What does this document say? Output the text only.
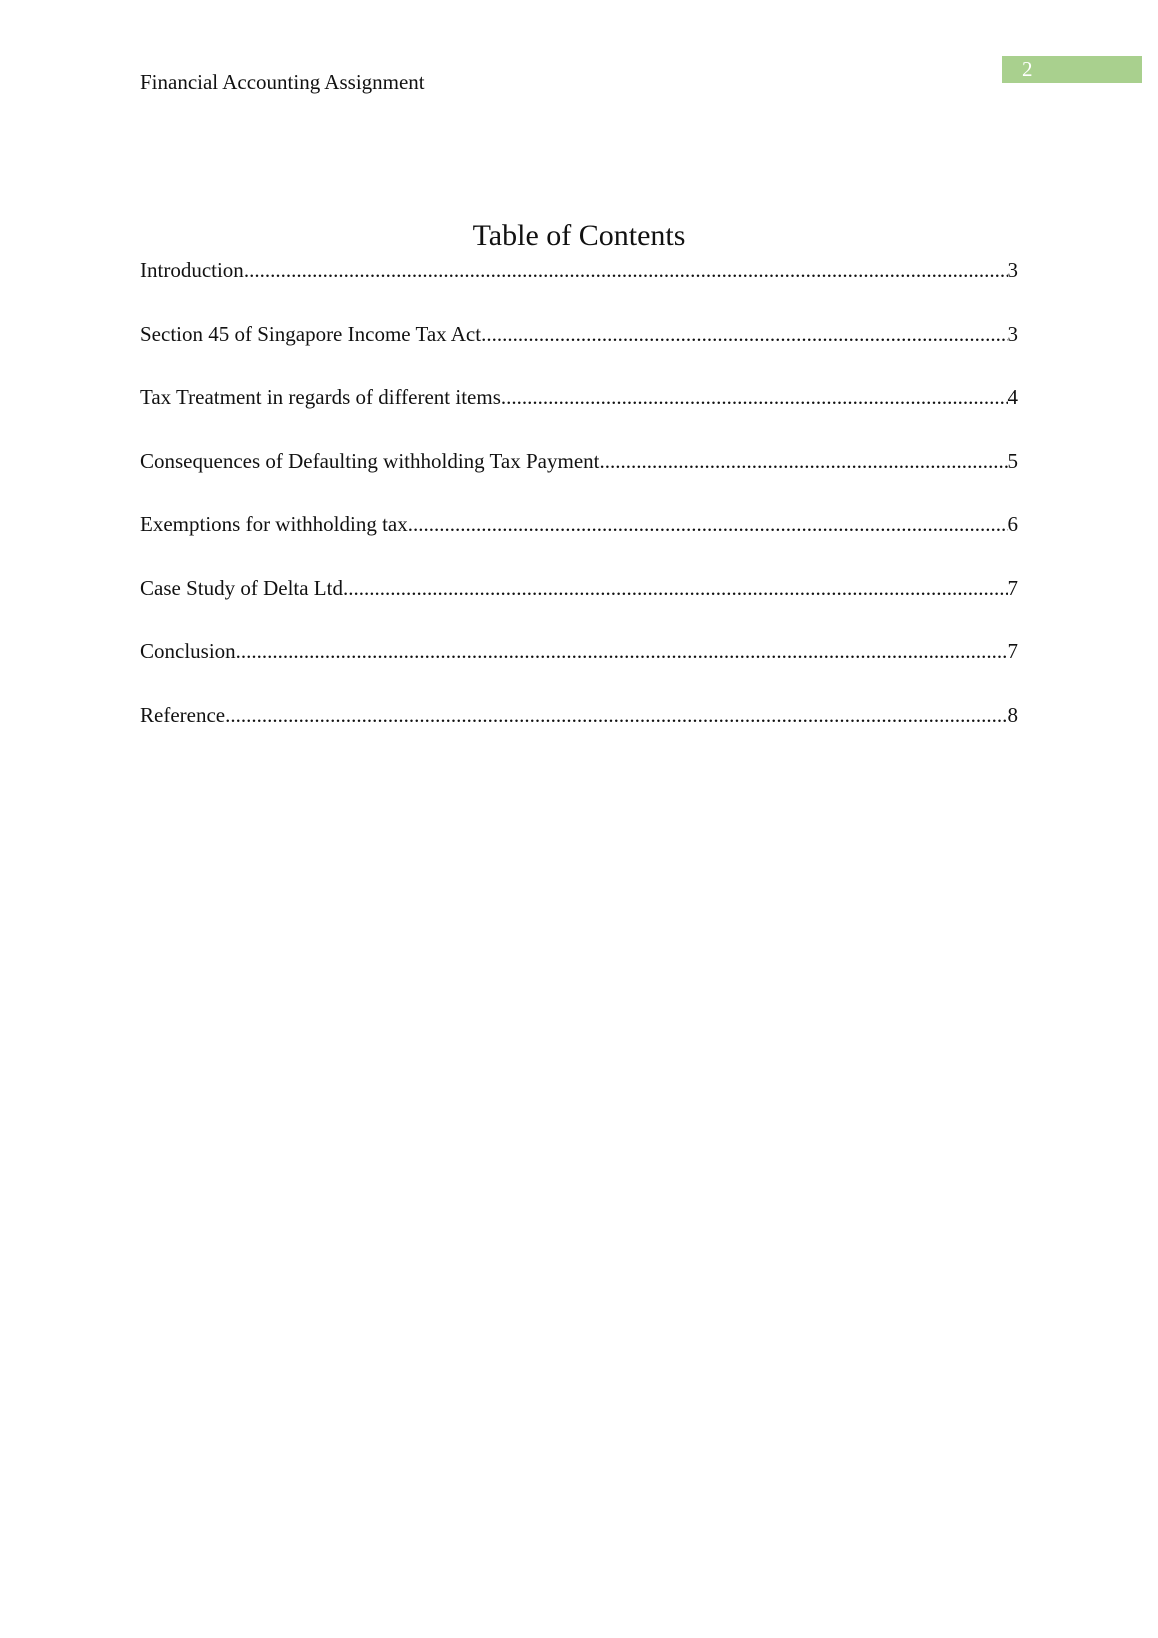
Financial Accounting Assignment
2
Table of Contents
Introduction .....	3
Section 45 of Singapore Income Tax Act .....	3
Tax Treatment in regards of different items .....	4
Consequences of Defaulting withholding Tax Payment .....	5
Exemptions for withholding tax .....	6
Case Study of Delta Ltd .....	7
Conclusion .....	7
Reference .....	8
